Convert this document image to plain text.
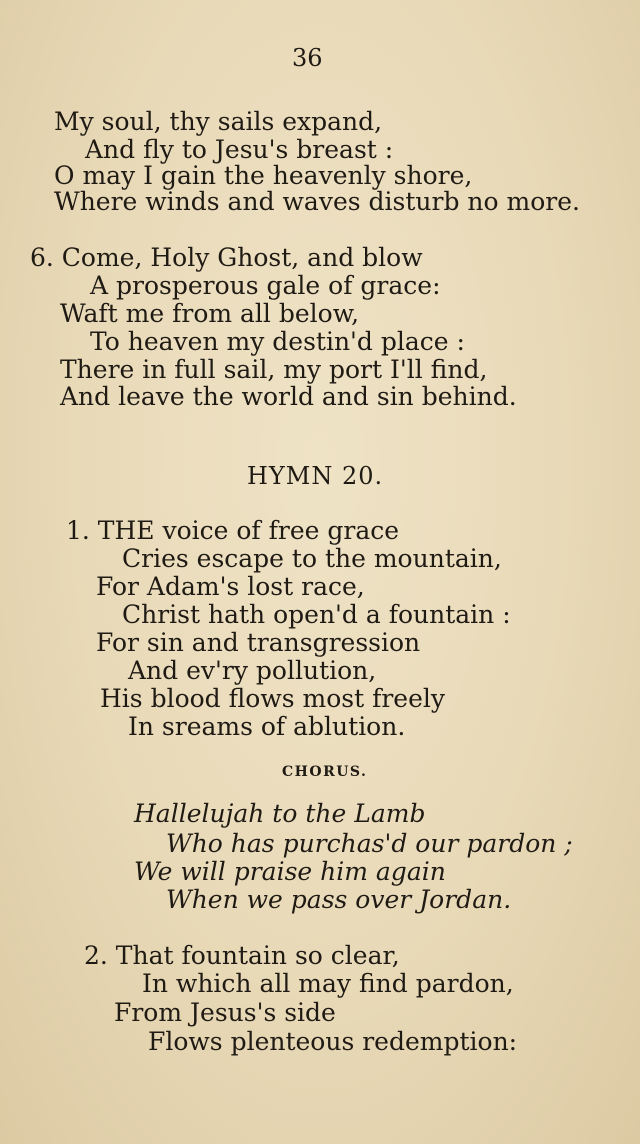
36
My soul, thy sails expand,
And fly to Jesu's breast :
O may I gain the heavenly shore,
Where winds and waves disturb no more.
6. Come, Holy Ghost, and blow
A prosperous gale of grace:
Waft me from all below,
To heaven my destin'd place :
There in full sail, my port I'll find,
And leave the world and sin behind.
HYMN 20.
1. THE voice of free grace
Cries escape to the mountain,
For Adam's lost race,
Christ hath open'd a fountain :
For sin and transgression
And ev'ry pollution,
His blood flows most freely
In sreams of ablution.
CHORUS.
Hallelujah to the Lamb
Who has purchas'd our pardon ;
We will praise him again
When we pass over Jordan.
2. That fountain so clear,
In which all may find pardon,
From Jesus's side
Flows plenteous redemption:
